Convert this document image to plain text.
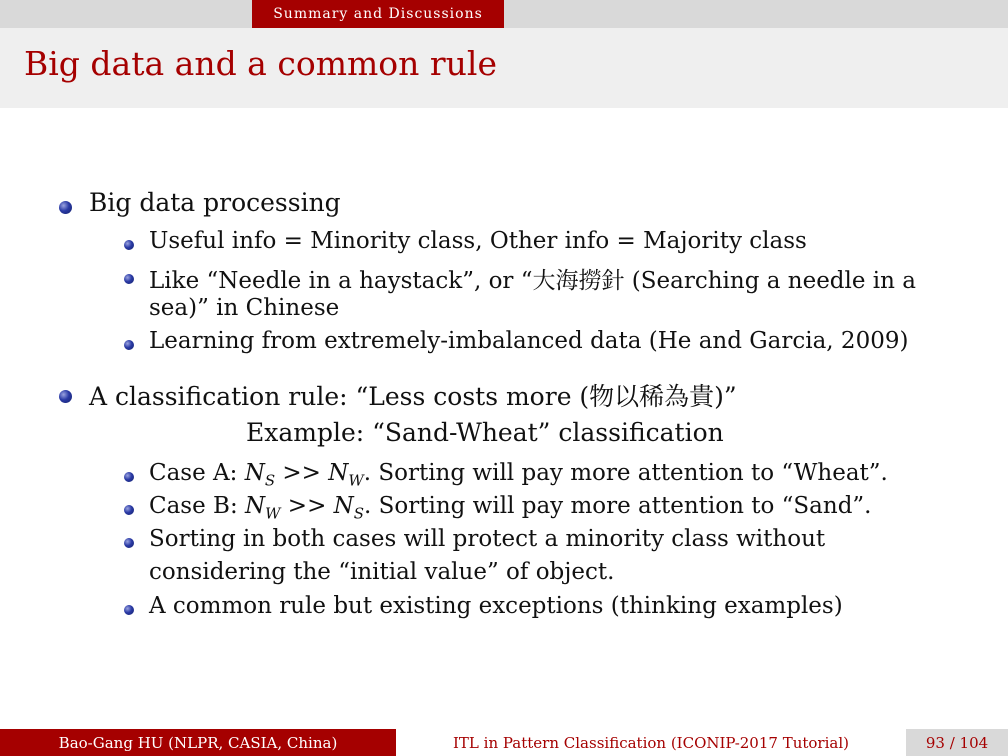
Summary and Discussions
Big data and a common rule
Big data processing
Useful info = Minority class, Other info = Majority class
Like “Needle in a haystack”, or “大海撈針 (Searching a needle in a
sea)” in Chinese
Learning from extremely-imbalanced data (He and Garcia, 2009)
A classification rule: “Less costs more (物以稀為貴)”
Example: “Sand-Wheat” classification
Case A: $N_S >> N_W$. Sorting will pay more attention to “Wheat”.
Case B: $N_W >> N_S$. Sorting will pay more attention to “Sand”.
Sorting in both cases will protect a minority class without
considering the “initial value” of object.
A common rule but existing exceptions (thinking examples)
Bao-Gang HU (NLPR, CASIA, China)	ITL in Pattern Classification (ICONIP-2017 Tutorial)	93 / 104
